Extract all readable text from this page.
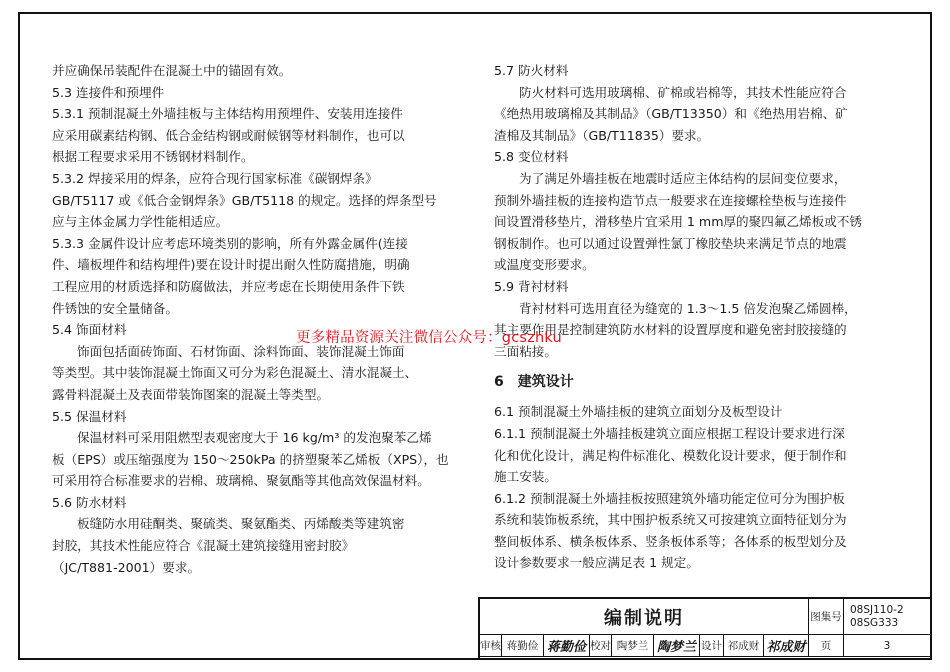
并应确保吊装配件在混凝土中的锚固有效。
5.3 连接件和预埋件
5.3.1 预制混凝土外墙挂板与主体结构用预埋件、安装用连接件
应采用碳素结构钢、低合金结构钢或耐候钢等材料制作，也可以
根据工程要求采用不锈钢材料制作。
5.3.2 焊接采用的焊条，应符合现行国家标准《碳钢焊条》
GB/T5117 或《低合金钢焊条》GB/T5118 的规定。选择的焊条型号
应与主体金属力学性能相适应。
5.3.3 金属件设计应考虑环境类别的影响，所有外露金属件(连接
件、墙板埋件和结构埋件)要在设计时提出耐久性防腐措施，明确
工程应用的材质选择和防腐做法，并应考虑在长期使用条件下铁
件锈蚀的安全量储备。
5.4 饰面材料
饰面包括面砖饰面、石材饰面、涂料饰面、装饰混凝土饰面
等类型。其中装饰混凝土饰面又可分为彩色混凝土、清水混凝土、
露骨料混凝土及表面带装饰图案的混凝土等类型。
5.5 保温材料
保温材料可采用阻燃型表观密度大于 16 kg/m³ 的发泡聚苯乙烯
板（EPS）或压缩强度为 150～250kPa 的挤塑聚苯乙烯板（XPS），也
可采用符合标准要求的岩棉、玻璃棉、聚氨酯等其他高效保温材料。
5.6 防水材料
板缝防水用硅酮类、聚硫类、聚氨酯类、丙烯酸类等建筑密
封胶，其技术性能应符合《混凝土建筑接缝用密封胶》
（JC/T881-2001）要求。
5.7 防火材料
防火材料可选用玻璃棉、矿棉或岩棉等，其技术性能应符合
《绝热用玻璃棉及其制品》（GB/T13350）和《绝热用岩棉、矿
渣棉及其制品》（GB/T11835）要求。
5.8 变位材料
为了满足外墙挂板在地震时适应主体结构的层间变位要求，
预制外墙挂板的连接构造节点一般要求在连接螺栓垫板与连接件
间设置滑移垫片，滑移垫片宜采用 1 mm厚的聚四氟乙烯板或不锈
钢板制作。也可以通过设置弹性氯丁橡胶垫块来满足节点的地震
或温度变形要求。
5.9 背衬材料
背衬材料可选用直径为缝宽的 1.3～1.5 倍发泡聚乙烯圆棒，
其主要作用是控制建筑防水材料的设置厚度和避免密封胶接缝的
三面粘接。
6　建筑设计
6.1 预制混凝土外墙挂板的建筑立面划分及板型设计
6.1.1 预制混凝土外墙挂板建筑立面应根据工程设计要求进行深
化和优化设计，满足构件标准化、模数化设计要求，便于制作和
施工安装。
6.1.2 预制混凝土外墙挂板按照建筑外墙功能定位可分为围护板
系统和装饰板系统，其中围护板系统又可按建筑立面特征划分为
整间板体系、横条板体系、竖条板体系等；各体系的板型划分及
设计参数要求一般应满足表 1 规定。
更多精品资源关注微信公众号：gcszhku
编制说明	图集号
08SJ110-2
08SG333
审核 蒋勤俭 蒋勤俭 校对 陶梦兰 陶梦兰 设计 祁成财 祁成财	页	3
